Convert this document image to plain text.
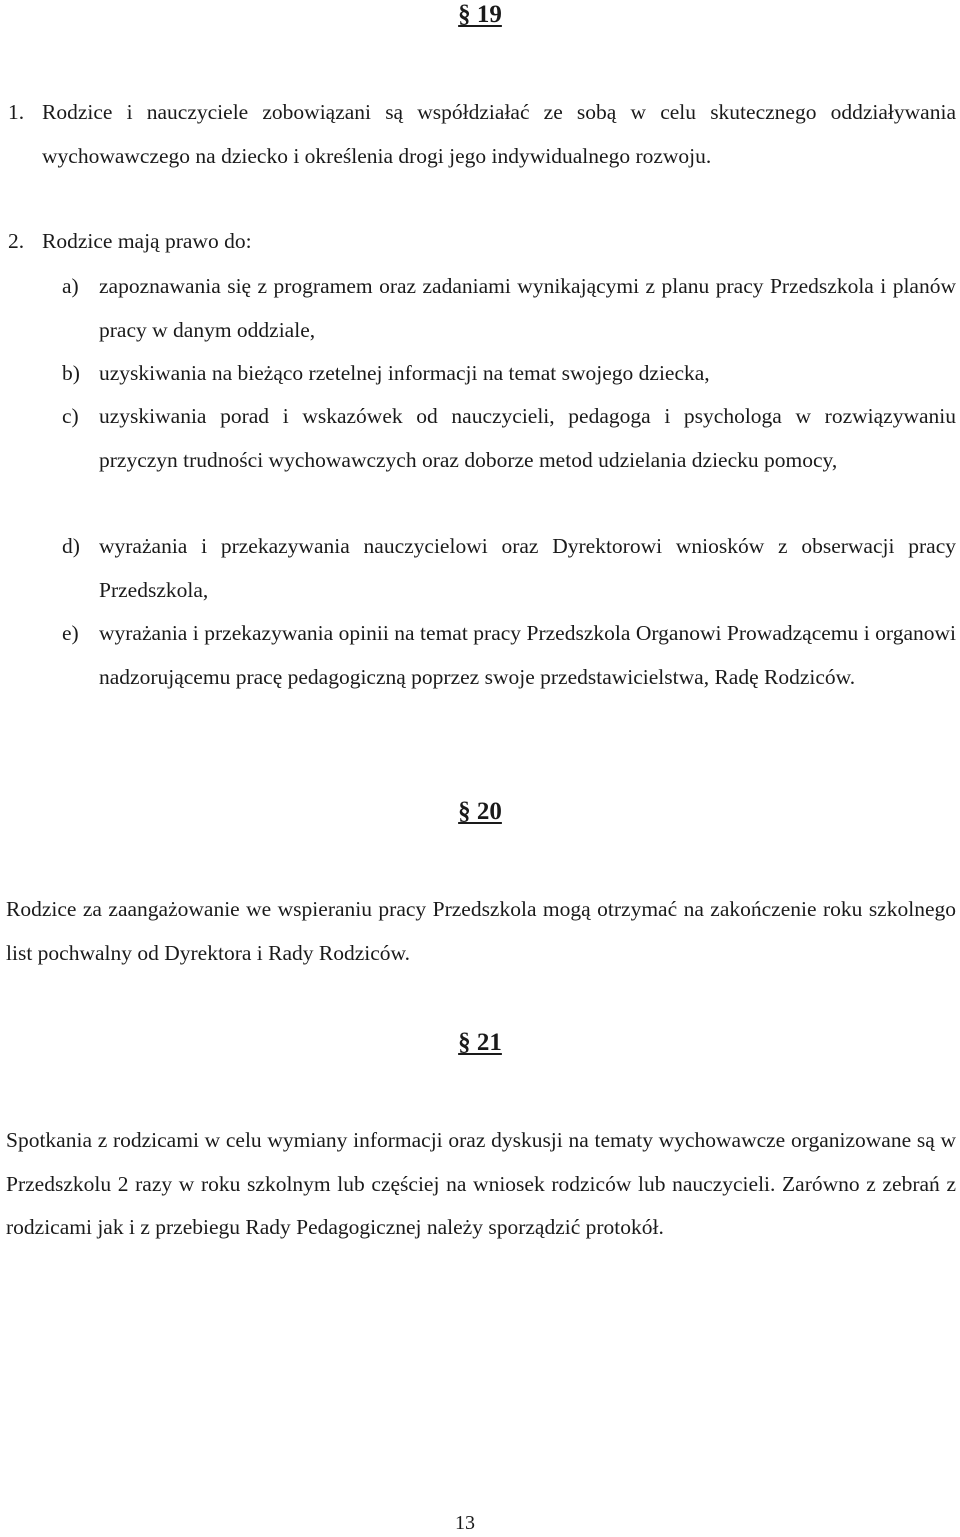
§ 19
1. Rodzice i nauczyciele zobowiązani są współdziałać ze sobą w celu skutecznego oddziaływania wychowawczego na dziecko i określenia drogi jego indywidualnego rozwoju.

2. Rodzice mają prawo do:

a) zapoznawania się z programem oraz zadaniami wynikającymi z planu pracy Przedszkola i planów pracy w danym oddziale,

b) uzyskiwania na bieżąco rzetelnej informacji na temat swojego dziecka,

c) uzyskiwania porad i wskazówek od nauczycieli, pedagoga i psychologa w rozwiązywaniu przyczyn trudności wychowawczych oraz doborze metod udzielania dziecku pomocy,

d) wyrażania i przekazywania nauczycielowi oraz Dyrektorowi wniosków z obserwacji pracy Przedszkola,

e) wyrażania i przekazywania opinii na temat pracy Przedszkola Organowi Prowadzącemu i organowi nadzorującemu pracę pedagogiczną poprzez swoje przedstawicielstwa, Radę Rodziców.

§ 20

Rodzice za zaangażowanie we wspieraniu pracy Przedszkola mogą otrzymać na zakończenie roku szkolnego list pochwalny od Dyrektora i Rady Rodziców.

§ 21

Spotkania z rodzicami w celu wymiany informacji oraz dyskusji na tematy wychowawcze organizowane są w Przedszkolu 2 razy w roku szkolnym lub częściej na wniosek rodziców lub nauczycieli. Zarówno z zebrań z rodzicami jak i z przebiegu Rady Pedagogicznej należy sporządzić protokół.

13
